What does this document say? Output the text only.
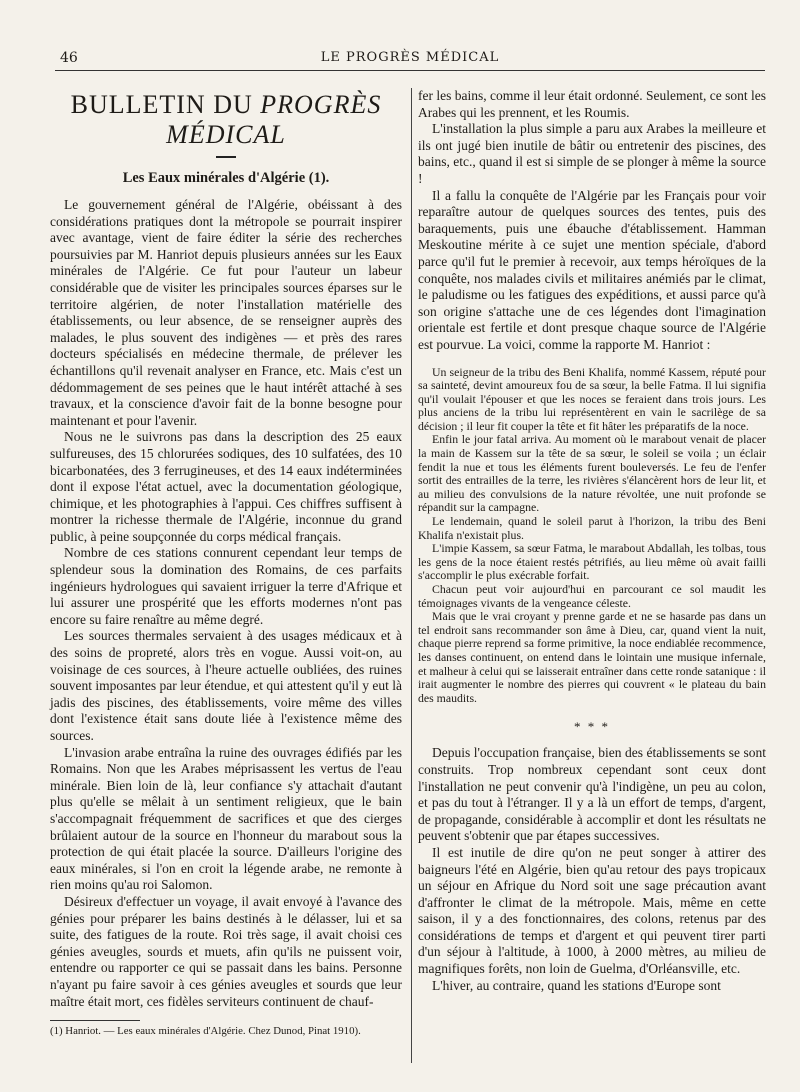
46	LE PROGRÈS MÉDICAL
BULLETIN DU PROGRÈS MÉDICAL
Les Eaux minérales d'Algérie (1).

Le gouvernement général de l'Algérie, obéissant à des considérations pratiques dont la métropole se pourrait inspirer avec avantage, vient de faire éditer la série des recherches poursuivies par M. Hanriot depuis plusieurs années sur les Eaux minérales de l'Algérie. Ce fut pour l'auteur un labeur considérable que de visiter les principales sources éparses sur le territoire algérien, de noter l'installation matérielle des établissements, ou leur absence, de se renseigner auprès des malades, le plus souvent des indigènes — et près des rares docteurs spécialisés en médecine thermale, de prélever les échantillons qu'il revenait analyser en France, etc. Mais c'est un dédommagement de ses peines que le haut intérêt attaché à ses travaux, et la conscience d'avoir fait de la bonne besogne pour maintenant et pour l'avenir.

Nous ne le suivrons pas dans la description des 25 eaux sulfureuses, des 15 chlorurées sodiques, des 10 sulfatées, des 10 bicarbonatées, des 3 ferrugineuses, et des 14 eaux indéterminées dont il expose l'état actuel, avec la documentation géologique, chimique, et les photographies à l'appui. Ces chiffres suffisent à montrer la richesse thermale de l'Algérie, inconnue du grand public, à peine soupçonnée du corps médical français.

Nombre de ces stations connurent cependant leur temps de splendeur sous la domination des Romains, de ces parfaits ingénieurs hydrologues qui savaient irriguer la terre d'Afrique et lui assurer une prospérité que les efforts modernes n'ont pas encore su faire renaître au même degré.

Les sources thermales servaient à des usages médicaux et à des soins de propreté, alors très en vogue. Aussi voit-on, au voisinage de ces sources, à l'heure actuelle oubliées, des ruines souvent imposantes par leur étendue, et qui attestent qu'il y eut là jadis des piscines, des établissements, voire même des villes dont l'existence était sans doute liée à l'existence même des sources.

L'invasion arabe entraîna la ruine des ouvrages édifiés par les Romains. Non que les Arabes méprisassent les vertus de l'eau minérale. Bien loin de là, leur confiance s'y attachait d'autant plus qu'elle se mêlait à un sentiment religieux, que le bain s'accompagnait fréquemment de sacrifices et que des cierges brûlaient autour de la source en l'honneur du marabout sous la protection de qui était placée la source. D'ailleurs l'origine des eaux minérales, si l'on en croit la légende arabe, ne remonte à rien moins qu'au roi Salomon.

Désireux d'effectuer un voyage, il avait envoyé à l'avance des génies pour préparer les bains destinés à le délasser, lui et sa suite, des fatigues de la route. Roi très sage, il avait choisi ces génies aveugles, sourds et muets, afin qu'ils ne puissent voir, entendre ou rapporter ce qui se passait dans les bains. Personne n'ayant pu faire savoir à ces génies aveugles et sourds que leur maître était mort, ces fidèles serviteurs continuent de chauf-

(1) Hanriot. — Les eaux minérales d'Algérie. Chez Dunod, Pinat 1910).

fer les bains, comme il leur était ordonné. Seulement, ce sont les Arabes qui les prennent, et les Roumis.

L'installation la plus simple a paru aux Arabes la meilleure et ils ont jugé bien inutile de bâtir ou entretenir des piscines, des bains, etc., quand il est si simple de se plonger à même la source !

Il a fallu la conquête de l'Algérie par les Français pour voir reparaître autour de quelques sources des tentes, puis des baraquements, puis une ébauche d'établissement. Hamman Meskoutine mérite à ce sujet une mention spéciale, d'abord parce qu'il fut le premier à recevoir, aux temps héroïques de la conquête, nos malades civils et militaires anémiés par le climat, le paludisme ou les fatigues des expéditions, et aussi parce qu'à son origine s'attache une de ces légendes dont l'imagination orientale est fertile et dont presque chaque source de l'Algérie est pourvue. La voici, comme la rapporte M. Hanriot :

Un seigneur de la tribu des Beni Khalifa, nommé Kassem, réputé pour sa sainteté, devint amoureux fou de sa sœur, la belle Fatma. Il lui signifia qu'il voulait l'épouser et que les noces se feraient dans trois jours. Les plus anciens de la tribu lui représentèrent en vain le sacrilège de sa décision ; il leur fit couper la tête et fit hâter les préparatifs de la noce.

Enfin le jour fatal arriva. Au moment où le marabout venait de placer la main de Kassem sur la tête de sa sœur, le soleil se voila ; un éclair fendit la nue et tous les éléments furent bouleversés. Le feu de l'enfer sortit des entrailles de la terre, les rivières s'élancèrent hors de leur lit, et au milieu des convulsions de la nature révoltée, une nuit profonde se répandit sur la campagne.

Le lendemain, quand le soleil parut à l'horizon, la tribu des Beni Khalifa n'existait plus.

L'impie Kassem, sa sœur Fatma, le marabout Abdallah, les tolbas, tous les gens de la noce étaient restés pétrifiés, au lieu même où avait failli s'accomplir le plus exécrable forfait.

Chacun peut voir aujourd'hui en parcourant ce sol maudit les témoignages vivants de la vengeance céleste.

Mais que le vrai croyant y prenne garde et ne se hasarde pas dans un tel endroit sans recommander son âme à Dieu, car, quand vient la nuit, chaque pierre reprend sa forme primitive, la noce endiablée recommence, les danses continuent, on entend dans le lointain une musique infernale, et malheur à celui qui se laisserait entraîner dans cette ronde satanique : il irait augmenter le nombre des pierres qui couvrent « le plateau du bain des maudits.

* * *

Depuis l'occupation française, bien des établissements se sont construits. Trop nombreux cependant sont ceux dont l'installation ne peut convenir qu'à l'indigène, un peu au colon, et pas du tout à l'étranger. Il y a là un effort de temps, d'argent, de propagande, considérable à accomplir et dont les résultats ne peuvent s'obtenir que par étapes successives.

Il est inutile de dire qu'on ne peut songer à attirer des baigneurs l'été en Algérie, bien qu'au retour des pays tropicaux un séjour en Afrique du Nord soit une sage précaution avant d'affronter le climat de la métropole. Mais, même en cette saison, il y a des fonctionnaires, des colons, retenus par des considérations de temps et d'argent et qui peuvent tirer parti d'un séjour à l'altitude, à 1000, à 2000 mètres, au milieu de magnifiques forêts, non loin de Guelma, d'Orléansville, etc.

L'hiver, au contraire, quand les stations d'Europe sont
